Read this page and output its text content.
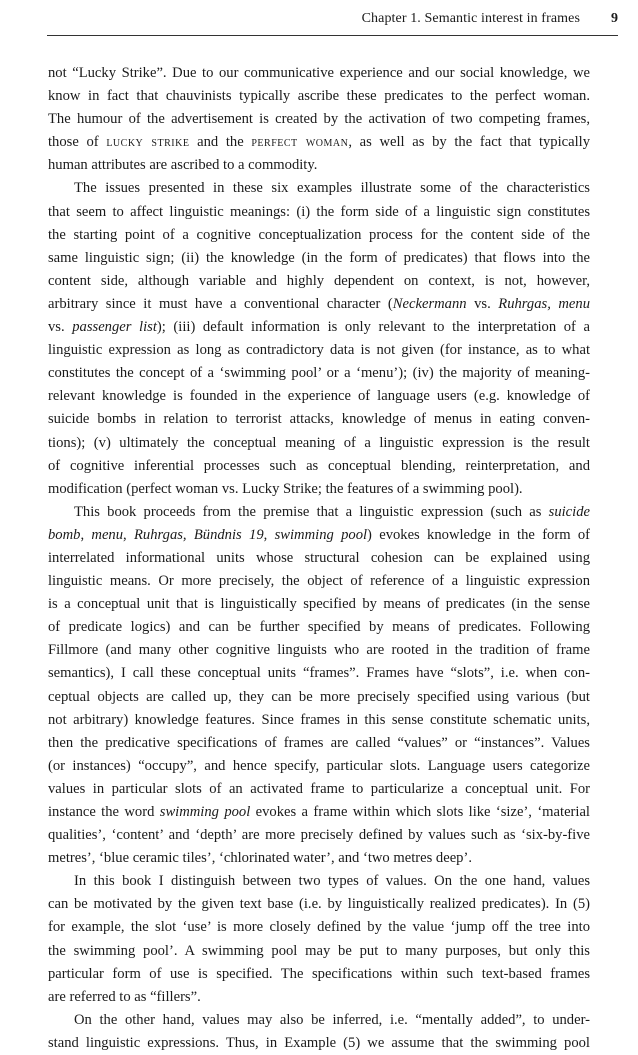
Chapter 1. Semantic interest in frames 9
not “Lucky Strike”. Due to our communicative experience and our social knowledge, we
know in fact that chauvinists typically ascribe these predicates to the perfect woman.
The humour of the advertisement is created by the activation of two competing frames,
those of lucky strike and the perfect woman, as well as by the fact that typically
human attributes are ascribed to a commodity.
The issues presented in these six examples illustrate some of the characteristics
that seem to affect linguistic meanings: (i) the form side of a linguistic sign constitutes
the starting point of a cognitive conceptualization process for the content side of the
same linguistic sign; (ii) the knowledge (in the form of predicates) that flows into the
content side, although variable and highly dependent on context, is not, however,
arbitrary since it must have a conventional character (Neckermann vs. Ruhrgas, menu
vs. passenger list); (iii) default information is only relevant to the interpretation of a
linguistic expression as long as contradictory data is not given (for instance, as to what
constitutes the concept of a ‘swimming pool’ or a ‘menu’); (iv) the majority of meaning-
relevant knowledge is founded in the experience of language users (e.g. knowledge of
suicide bombs in relation to terrorist attacks, knowledge of menus in eating conven-
tions); (v) ultimately the conceptual meaning of a linguistic expression is the result
of cognitive inferential processes such as conceptual blending, reinterpretation, and
modification (perfect woman vs. Lucky Strike; the features of a swimming pool).
This book proceeds from the premise that a linguistic expression (such as suicide
bomb, menu, Ruhrgas, Bündnis 19, swimming pool) evokes knowledge in the form of
interrelated informational units whose structural cohesion can be explained using
linguistic means. Or more precisely, the object of reference of a linguistic expression
is a conceptual unit that is linguistically specified by means of predicates (in the sense
of predicate logics) and can be further specified by means of predicates. Following
Fillmore (and many other cognitive linguists who are rooted in the tradition of frame
semantics), I call these conceptual units “frames”. Frames have “slots”, i.e. when con-
ceptual objects are called up, they can be more precisely specified using various (but
not arbitrary) knowledge features. Since frames in this sense constitute schematic units,
then the predicative specifications of frames are called “values” or “instances”. Values
(or instances) “occupy”, and hence specify, particular slots. Language users categorize
values in particular slots of an activated frame to particularize a conceptual unit. For
instance the word swimming pool evokes a frame within which slots like ‘size’, ‘material
qualities’, ‘content’ and ‘depth’ are more precisely defined by values such as ‘six-by-five
metres’, ‘blue ceramic tiles’, ‘chlorinated water’, and ‘two metres deep’.
In this book I distinguish between two types of values. On the one hand, values
can be motivated by the given text base (i.e. by linguistically realized predicates). In (5)
for example, the slot ‘use’ is more closely defined by the value ‘jump off the tree into
the swimming pool’. A swimming pool may be put to many purposes, but only this
particular form of use is specified. The specifications within such text-based frames
are referred to as “fillers”.
On the other hand, values may also be inferred, i.e. “mentally added”, to under-
stand linguistic expressions. Thus, in Example (5) we assume that the swimming pool
